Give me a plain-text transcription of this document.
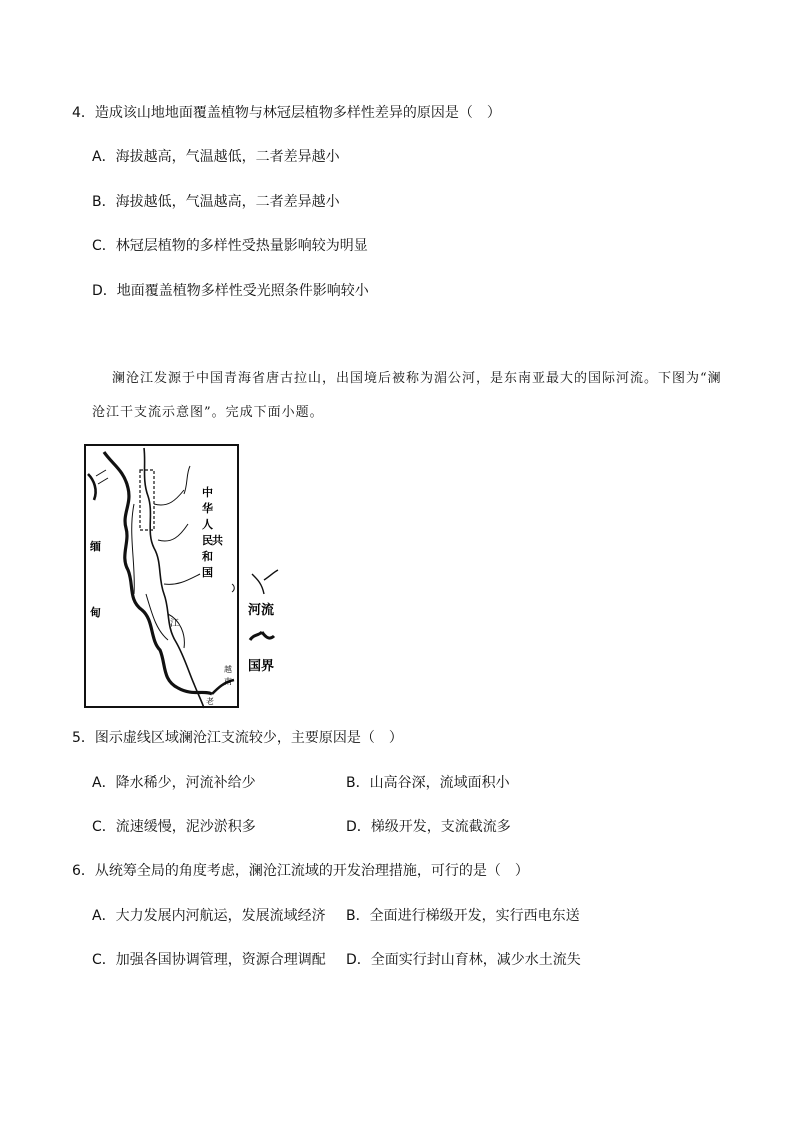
4．造成该山地地面覆盖植物与林冠层植物多样性差异的原因是（　）
A．海拔越高，气温越低，二者差异越小
B．海拔越低，气温越高，二者差异越小
C．林冠层植物的多样性受热量影响较为明显
D．地面覆盖植物多样性受光照条件影响较小
澜沧江发源于中国青海省唐古拉山，出国境后被称为湄公河，是东南亚最大的国际河流。下图为“澜
沧江干支流示意图”。完成下面小题。
中
华
人
民 共
和
国
缅
甸
江
越
南
老
河流
国界
5．图示虚线区域澜沧江支流较少，主要原因是（　）
A．降水稀少，河流补给少	B．山高谷深，流域面积小
C．流速缓慢，泥沙淤积多	D．梯级开发，支流截流多
6．从统筹全局的角度考虑，澜沧江流域的开发治理措施，可行的是（　）
A．大力发展内河航运，发展流域经济 B．全面进行梯级开发，实行西电东送
C．加强各国协调管理，资源合理调配 D．全面实行封山育林，减少水土流失
